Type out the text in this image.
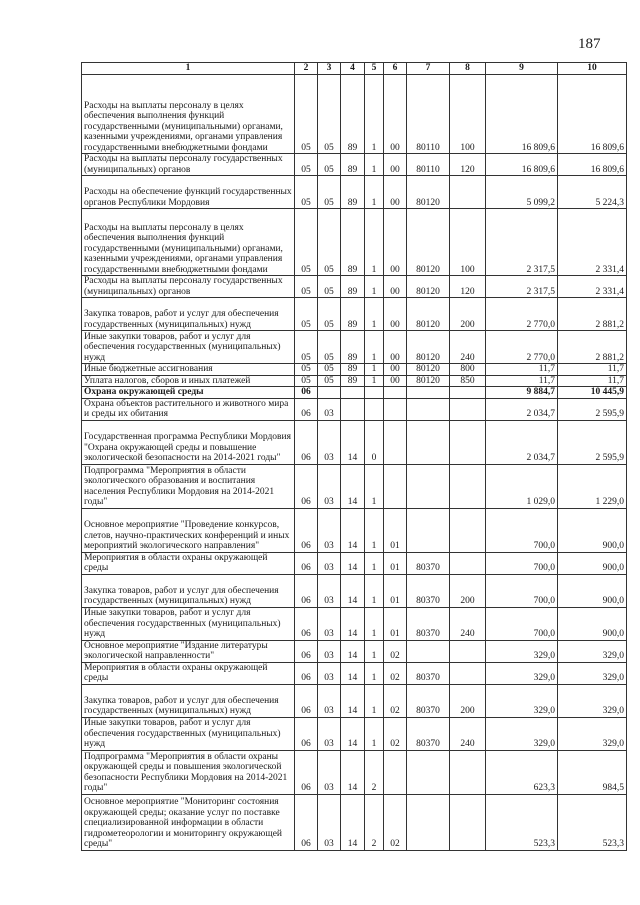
187
1	2	3	4	5	6	7	8	9	10
Расходы на выплаты персоналу в целях обеспечения выполнения функций государственными (муниципальными) органами, казенными учреждениями, органами управления государственными внебюджетными фондами	05	05	89	1	00	80110	100	16 809,6	16 809,6
Расходы на выплаты персоналу государственных (муниципальных) органов	05	05	89	1	00	80110	120	16 809,6	16 809,6
Расходы на обеспечение функций государственных органов Республики Мордовия	05	05	89	1	00	80120		5 099,2	5 224,3
Расходы на выплаты персоналу в целях обеспечения выполнения функций государственными (муниципальными) органами, казенными учреждениями, органами управления государственными внебюджетными фондами	05	05	89	1	00	80120	100	2 317,5	2 331,4
Расходы на выплаты персоналу государственных (муниципальных) органов	05	05	89	1	00	80120	120	2 317,5	2 331,4
Закупка товаров, работ и услуг для обеспечения государственных (муниципальных) нужд	05	05	89	1	00	80120	200	2 770,0	2 881,2
Иные закупки товаров, работ и услуг для обеспечения государственных (муниципальных) нужд	05	05	89	1	00	80120	240	2 770,0	2 881,2
Иные бюджетные ассигнования	05	05	89	1	00	80120	800	11,7	11,7
Уплата налогов, сборов и иных платежей	05	05	89	1	00	80120	850	11,7	11,7
Охрана окружающей среды	06							9 884,7	10 445,9
Охрана объектов растительного и животного мира и среды их обитания	06	03						2 034,7	2 595,9
Государственная программа Республики Мордовия "Охрана окружающей среды и повышение экологической безопасности на 2014-2021 годы"	06	03	14	0				2 034,7	2 595,9
Подпрограмма "Мероприятия в области экологического образования и воспитания населения Республики Мордовия на 2014-2021 годы"	06	03	14	1				1 029,0	1 229,0
Основное мероприятие "Проведение конкурсов, слетов, научно-практических конференций и иных мероприятий экологического направления"	06	03	14	1	01			700,0	900,0
Мероприятия в области охраны окружающей среды	06	03	14	1	01	80370		700,0	900,0
Закупка товаров, работ и услуг для обеспечения государственных (муниципальных) нужд	06	03	14	1	01	80370	200	700,0	900,0
Иные закупки товаров, работ и услуг для обеспечения государственных (муниципальных) нужд	06	03	14	1	01	80370	240	700,0	900,0
Основное мероприятие "Издание литературы экологической направленности"	06	03	14	1	02			329,0	329,0
Мероприятия в области охраны окружающей среды	06	03	14	1	02	80370		329,0	329,0
Закупка товаров, работ и услуг для обеспечения государственных (муниципальных) нужд	06	03	14	1	02	80370	200	329,0	329,0
Иные закупки товаров, работ и услуг для обеспечения государственных (муниципальных) нужд	06	03	14	1	02	80370	240	329,0	329,0
Подпрограмма "Мероприятия в области охраны окружающей среды и повышения экологической безопасности Республики Мордовия на 2014-2021 годы"	06	03	14	2				623,3	984,5
Основное мероприятие "Мониторинг состояния окружающей среды; оказание услуг по поставке специализированной информации в области гидрометеорологии и мониторингу окружающей среды"	06	03	14	2	02			523,3	523,3
